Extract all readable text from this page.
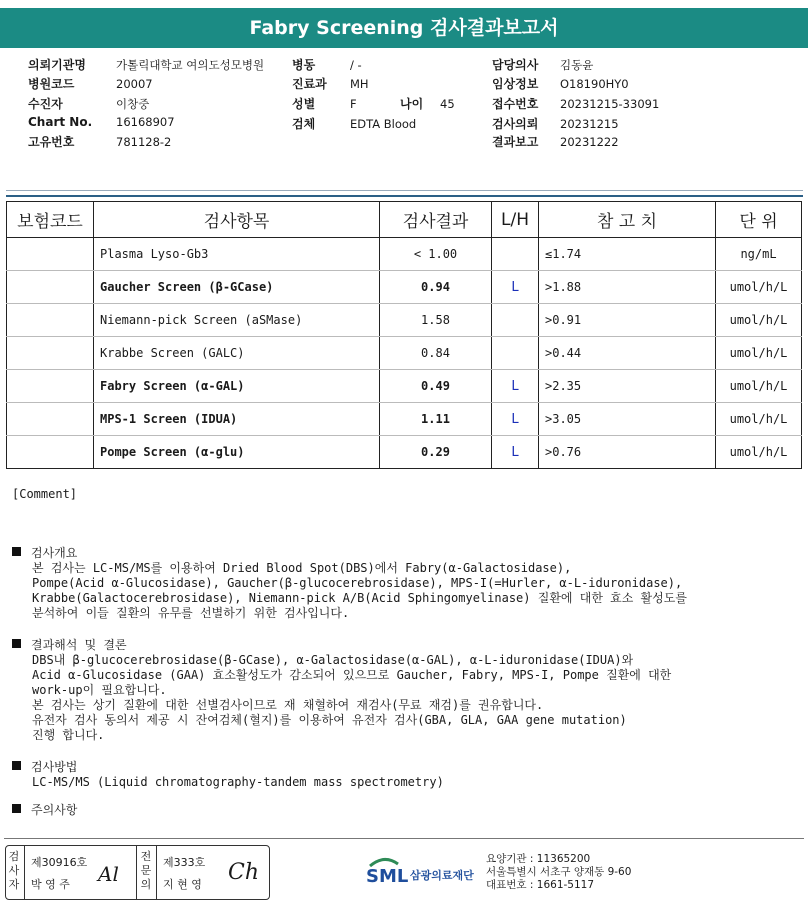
Fabry Screening 검사결과보고서
의뢰기관명	가톨릭대학교 여의도성모병원
병원코드	20007
수진자	이창중
Chart No. 16168907
고유번호	781128-2
병동	/ -
진료과 MH
성별	F	나이 45
검체	EDTA Blood
담당의사 김동윤
임상정보 O18190HY0
접수번호 20231215-33091
검사의뢰 20231215
결과보고 20231222
보험코드	검사항목	검사결과	L/H	참 고 치	단 위
	Plasma Lyso-Gb3	< 1.00		≤1.74	ng/mL
	Gaucher Screen (β-GCase)	0.94	L	>1.88	umol/h/L
	Niemann-pick Screen (aSMase)	1.58		>0.91	umol/h/L
	Krabbe Screen (GALC)	0.84		>0.44	umol/h/L
	Fabry Screen (α-GAL)	0.49	L	>2.35	umol/h/L
	MPS-1 Screen (IDUA)	1.11	L	>3.05	umol/h/L
	Pompe Screen (α-glu)	0.29	L	>0.76	umol/h/L
[Comment]
검사개요
본 검사는 LC-MS/MS를 이용하여 Dried Blood Spot(DBS)에서 Fabry(α-Galactosidase),
Pompe(Acid α-Glucosidase), Gaucher(β-glucocerebrosidase), MPS-I(=Hurler, α-L-iduronidase),
Krabbe(Galactocerebrosidase), Niemann-pick A/B(Acid Sphingomyelinase) 질환에 대한 효소 활성도를
분석하여 이들 질환의 유무를 선별하기 위한 검사입니다.
결과해석 및 결론
DBS내 β-glucocerebrosidase(β-GCase), α-Galactosidase(α-GAL), α-L-iduronidase(IDUA)와
Acid α-Glucosidase (GAA) 효소활성도가 감소되어 있으므로 Gaucher, Fabry, MPS-I, Pompe 질환에 대한
work-up이 필요합니다.
본 검사는 상기 질환에 대한 선별검사이므로 재 채혈하여 재검사(무료 재검)를 권유합니다.
유전자 검사 동의서 제공 시 잔여검체(혈지)를 이용하여 유전자 검사(GBA, GLA, GAA gene mutation)
진행 합니다.
검사방법
LC-MS/MS (Liquid chromatography-tandem mass spectrometry)
주의사항
검사자
제30916호
박 영 주 Al
전문의
제333호
지 현 영 Ch	SML 삼광의료재단
요양기관 : 11365200
서울특별시 서초구 양재동 9-60
대표번호 : 1661-5117
